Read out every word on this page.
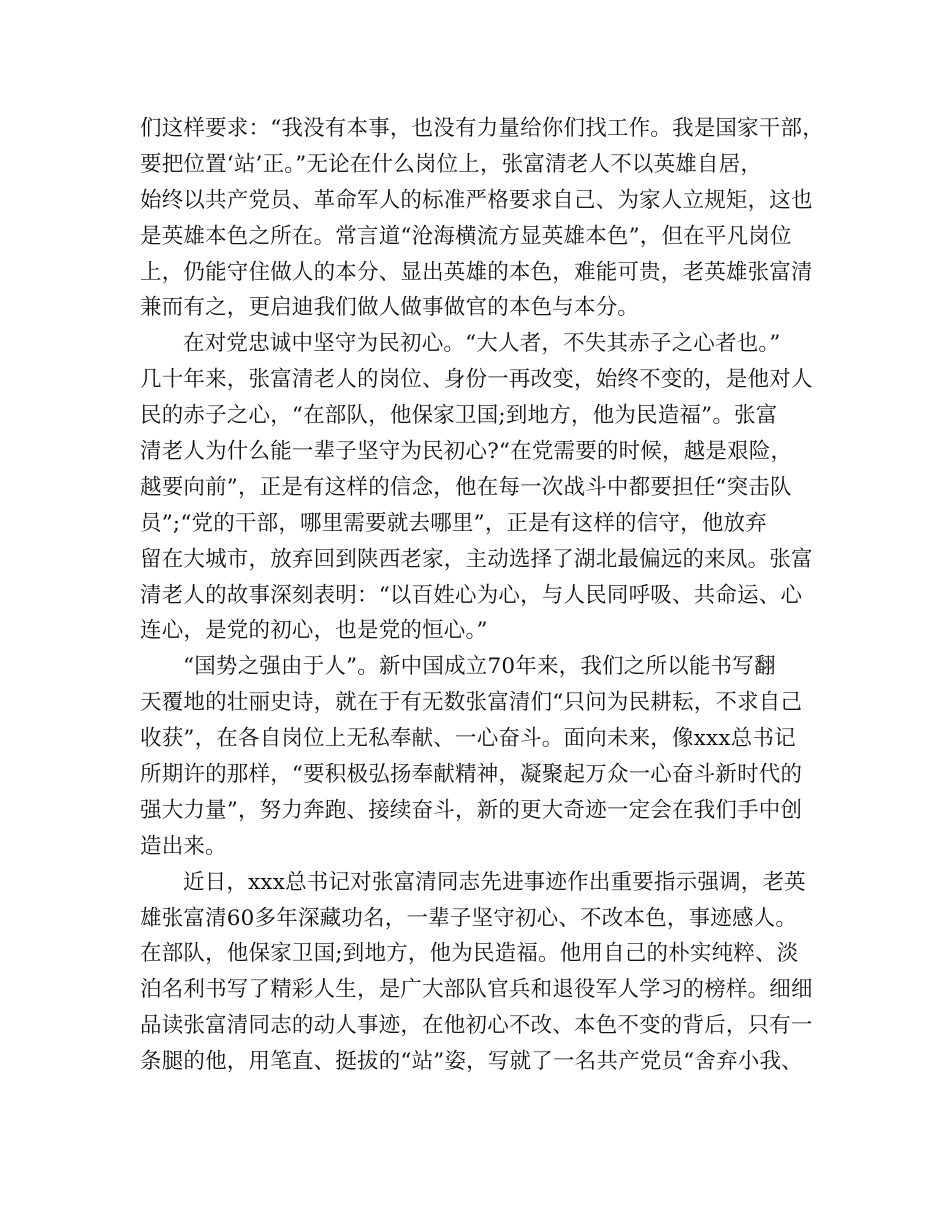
们这样要求：“我没有本事，也没有力量给你们找工作。我是国家干部，
要把位置‘站’正。”无论在什么岗位上，张富清老人不以英雄自居，
始终以共产党员、革命军人的标准严格要求自己、为家人立规矩，这也
是英雄本色之所在。常言道“沧海横流方显英雄本色”，但在平凡岗位
上，仍能守住做人的本分、显出英雄的本色，难能可贵，老英雄张富清
兼而有之，更启迪我们做人做事做官的本色与本分。
在对党忠诚中坚守为民初心。“大人者，不失其赤子之心者也。”
几十年来，张富清老人的岗位、身份一再改变，始终不变的，是他对人
民的赤子之心，“在部队，他保家卫国;到地方，他为民造福”。张富
清老人为什么能一辈子坚守为民初心?“在党需要的时候，越是艰险，
越要向前”，正是有这样的信念，他在每一次战斗中都要担任“突击队
员”;“党的干部，哪里需要就去哪里”，正是有这样的信守，他放弃
留在大城市，放弃回到陕西老家，主动选择了湖北最偏远的来凤。张富
清老人的故事深刻表明：“以百姓心为心，与人民同呼吸、共命运、心
连心，是党的初心，也是党的恒心。”
“国势之强由于人”。新中国成立70年来，我们之所以能书写翻
天覆地的壮丽史诗，就在于有无数张富清们“只问为民耕耘，不求自己
收获”，在各自岗位上无私奉献、一心奋斗。面向未来，像xxx总书记
所期许的那样，“要积极弘扬奉献精神，凝聚起万众一心奋斗新时代的
强大力量”，努力奔跑、接续奋斗，新的更大奇迹一定会在我们手中创
造出来。
近日，xxx总书记对张富清同志先进事迹作出重要指示强调，老英
雄张富清60多年深藏功名，一辈子坚守初心、不改本色，事迹感人。
在部队，他保家卫国;到地方，他为民造福。他用自己的朴实纯粹、淡
泊名利书写了精彩人生，是广大部队官兵和退役军人学习的榜样。细细
品读张富清同志的动人事迹，在他初心不改、本色不变的背后，只有一
条腿的他，用笔直、挺拔的“站”姿，写就了一名共产党员“舍弃小我、
